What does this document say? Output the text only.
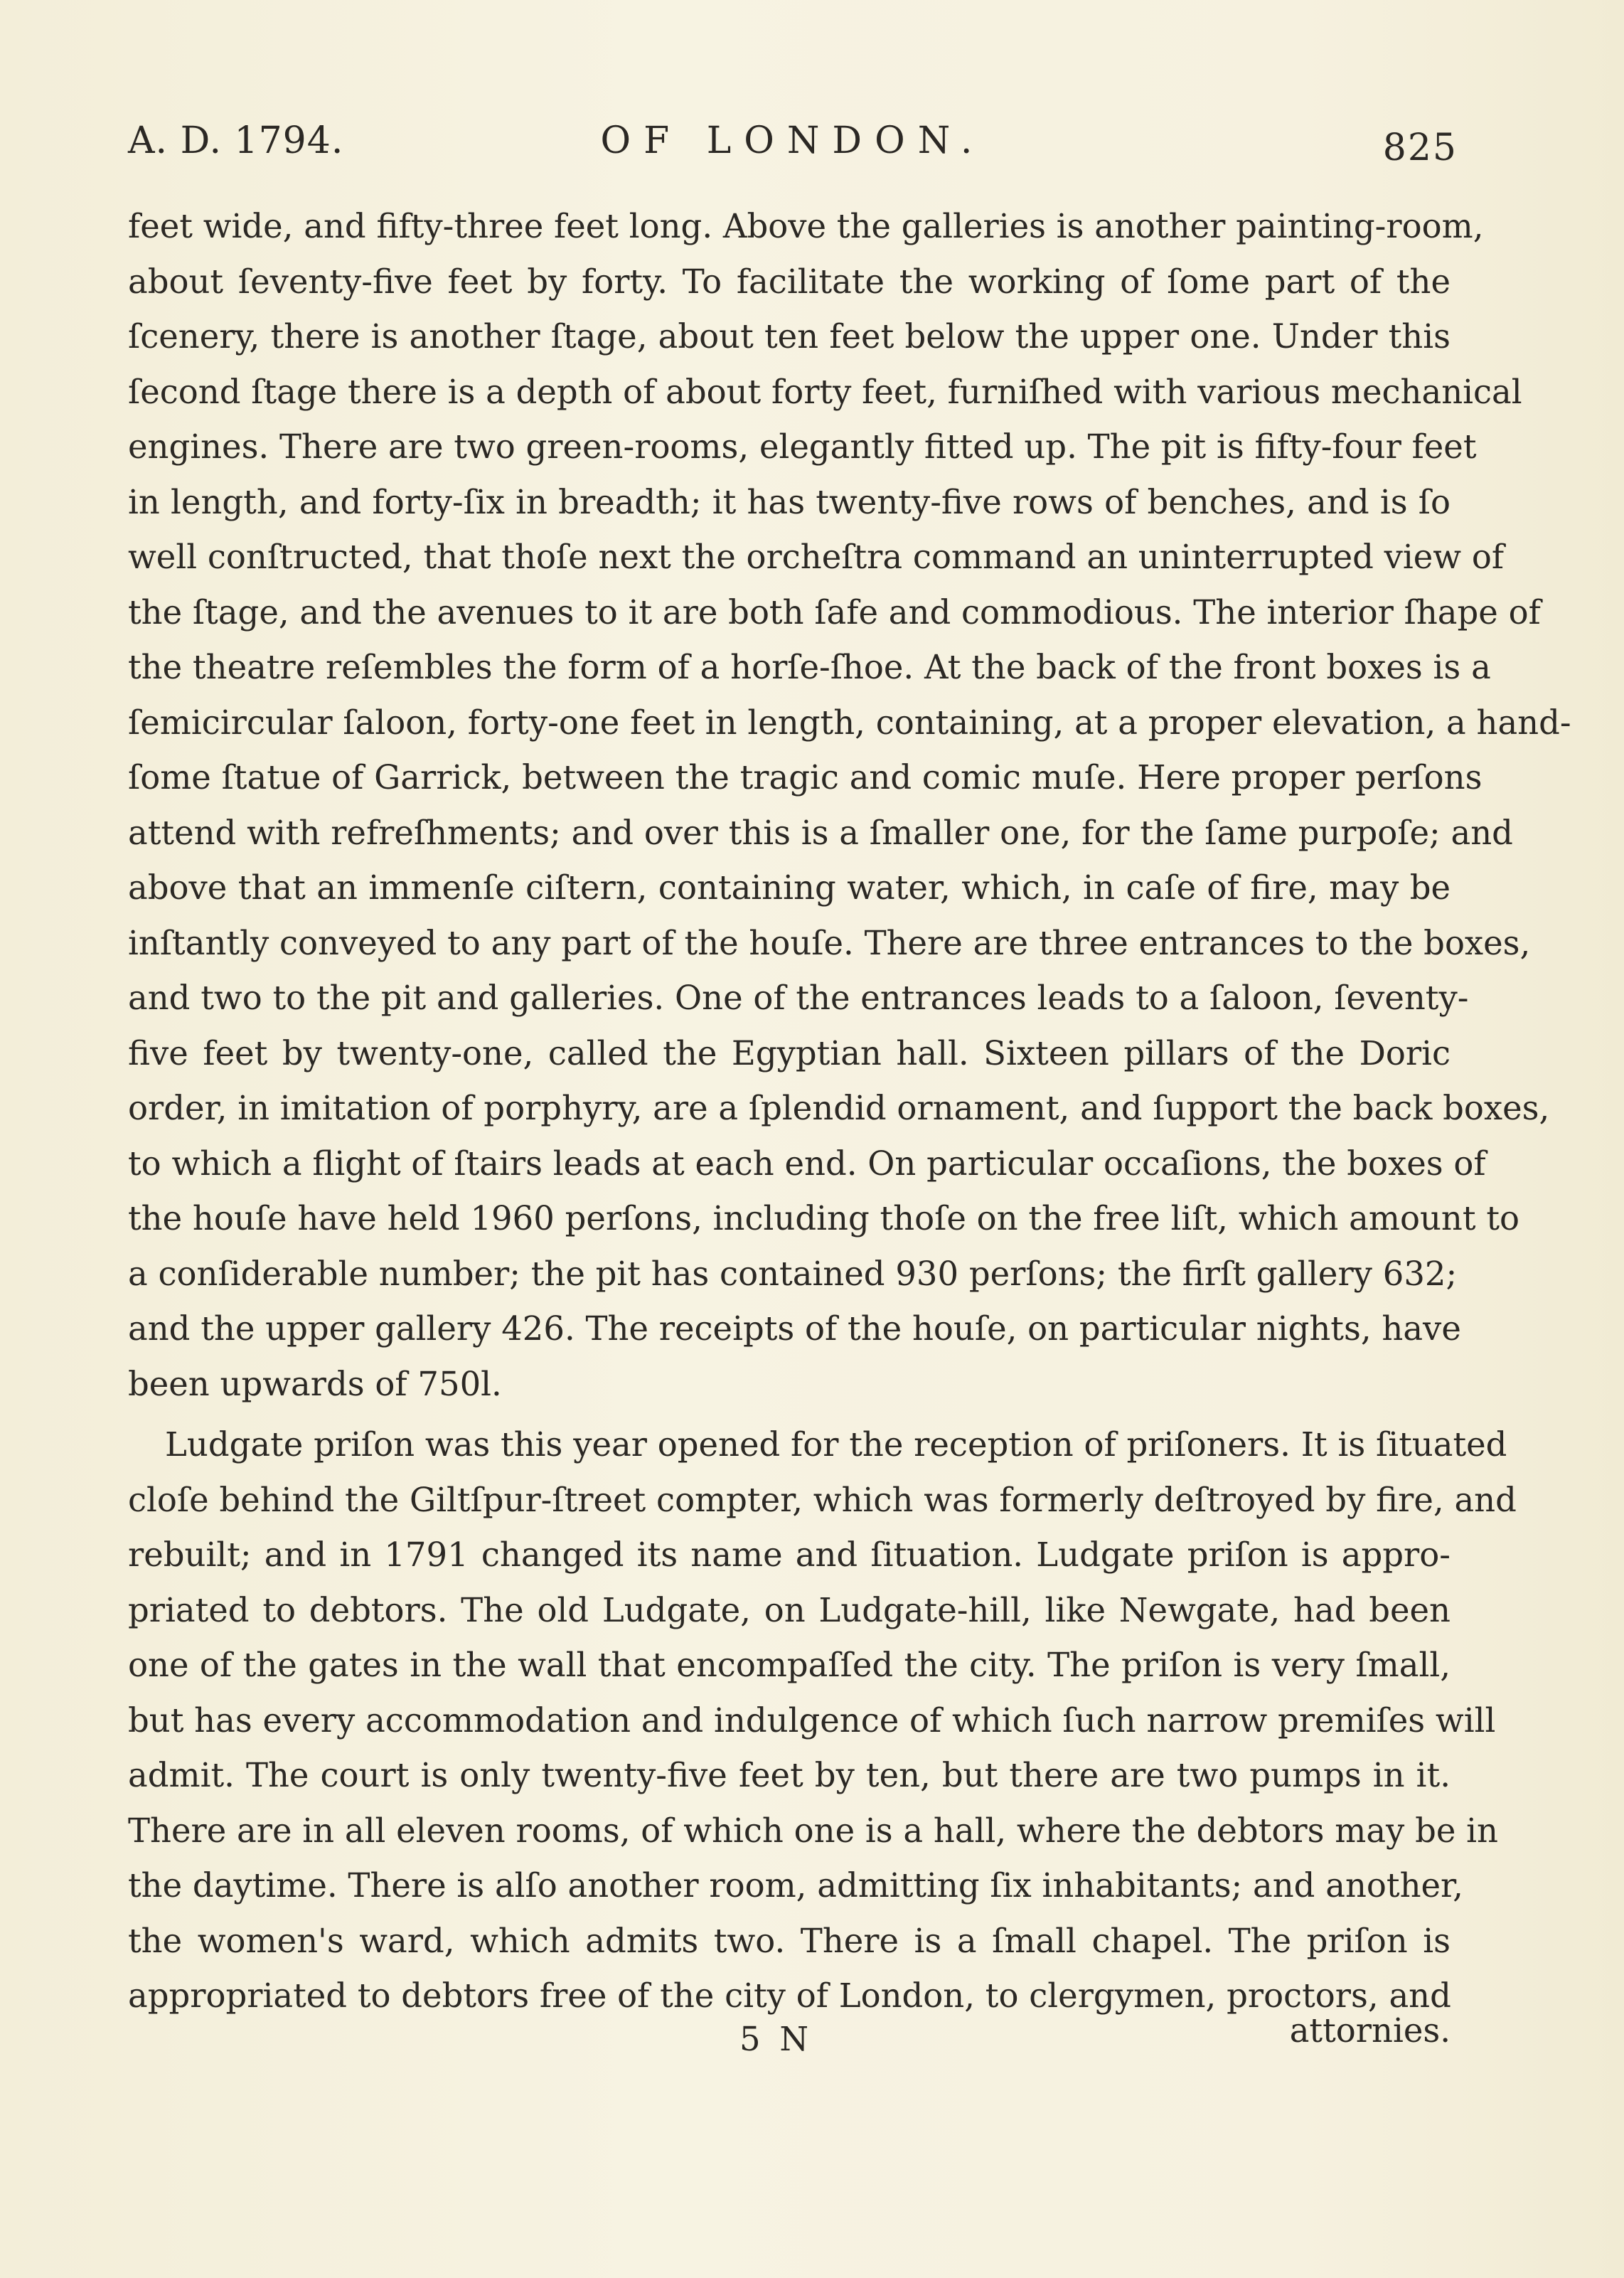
A. D. 1794.	OF LONDON.	825
feet wide, and fifty-three feet long. Above the galleries is another painting-room,
about ſeventy-five feet by forty. To facilitate the working of ſome part of the
ſcenery, there is another ſtage, about ten feet below the upper one. Under this
ſecond ſtage there is a depth of about forty feet, furniſhed with various mechanical
engines. There are two green-rooms, elegantly fitted up. The pit is fifty-four feet
in length, and forty-ſix in breadth; it has twenty-five rows of benches, and is ſo
well conſtructed, that thoſe next the orcheſtra command an uninterrupted view of
the ſtage, and the avenues to it are both ſafe and commodious. The interior ſhape of
the theatre reſembles the form of a horſe-ſhoe. At the back of the front boxes is a
ſemicircular ſaloon, forty-one feet in length, containing, at a proper elevation, a hand-
ſome ſtatue of Garrick, between the tragic and comic muſe. Here proper perſons
attend with refreſhments; and over this is a ſmaller one, for the ſame purpoſe; and
above that an immenſe ciſtern, containing water, which, in caſe of fire, may be
inſtantly conveyed to any part of the houſe. There are three entrances to the boxes,
and two to the pit and galleries. One of the entrances leads to a ſaloon, ſeventy-
five feet by twenty-one, called the Egyptian hall. Sixteen pillars of the Doric
order, in imitation of porphyry, are a ſplendid ornament, and ſupport the back boxes,
to which a flight of ſtairs leads at each end. On particular occaſions, the boxes of
the houſe have held 1960 perſons, including thoſe on the free liſt, which amount to
a conſiderable number; the pit has contained 930 perſons; the firſt gallery 632;
and the upper gallery 426. The receipts of the houſe, on particular nights, have
been upwards of 750l.
Ludgate priſon was this year opened for the reception of priſoners. It is ſituated
cloſe behind the Giltſpur-ſtreet compter, which was formerly deſtroyed by fire, and
rebuilt; and in 1791 changed its name and ſituation. Ludgate priſon is appro-
priated to debtors. The old Ludgate, on Ludgate-hill, like Newgate, had been
one of the gates in the wall that encompaſſed the city. The priſon is very ſmall,
but has every accommodation and indulgence of which ſuch narrow premiſes will
admit. The court is only twenty-five feet by ten, but there are two pumps in it.
There are in all eleven rooms, of which one is a hall, where the debtors may be in
the daytime. There is alſo another room, admitting ſix inhabitants; and another,
the women's ward, which admits two. There is a ſmall chapel. The priſon is
appropriated to debtors free of the city of London, to clergymen, proctors, and
5 N	attornies.
